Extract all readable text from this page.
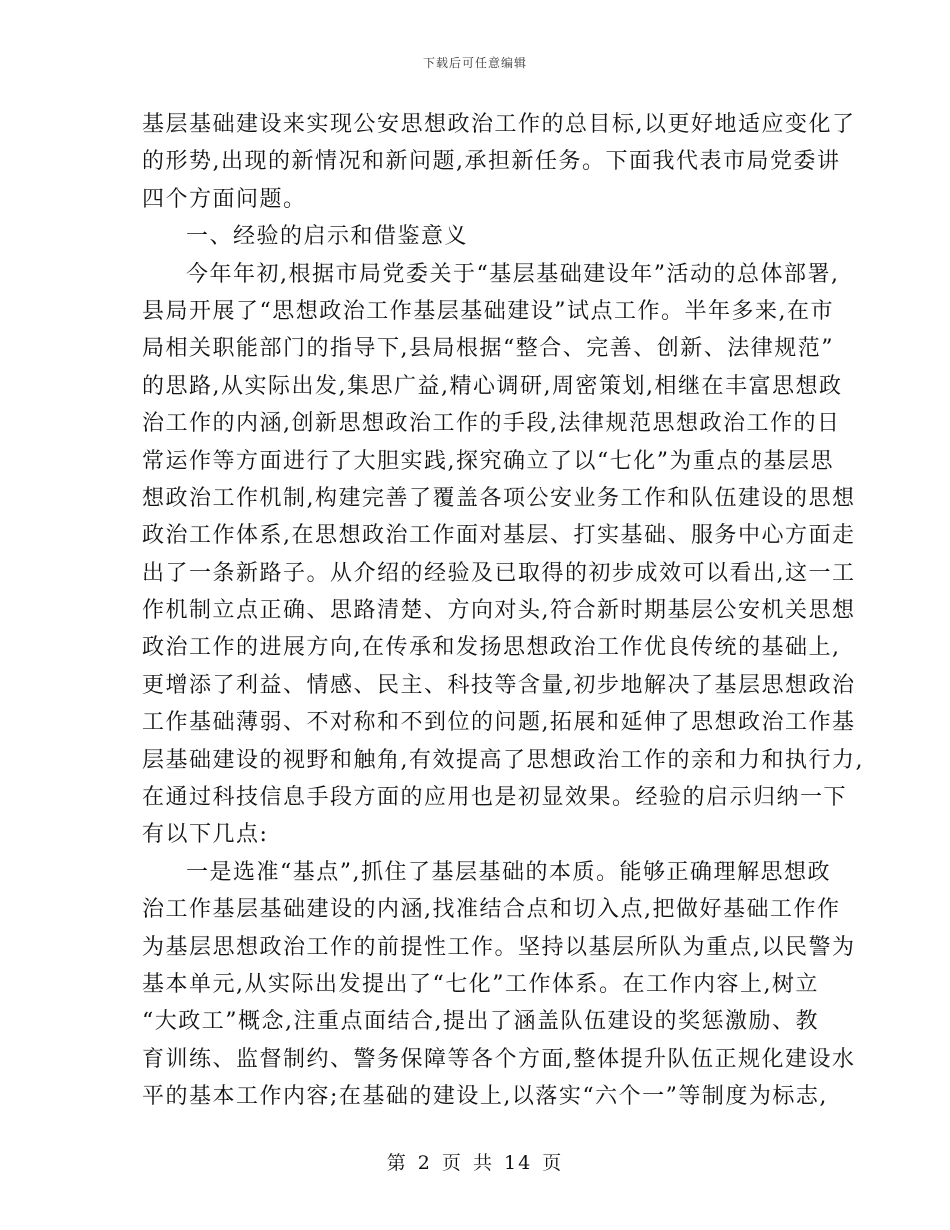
下载后可任意编辑
基层基础建设来实现公安思想政治工作的总目标,以更好地适应变化了
的形势,出现的新情况和新问题,承担新任务。下面我代表市局党委讲
四个方面问题。
一、经验的启示和借鉴意义
今年年初,根据市局党委关于“基层基础建设年”活动的总体部署,
县局开展了“思想政治工作基层基础建设”试点工作。半年多来,在市
局相关职能部门的指导下,县局根据“整合、完善、创新、法律规范”
的思路,从实际出发,集思广益,精心调研,周密策划,相继在丰富思想政
治工作的内涵,创新思想政治工作的手段,法律规范思想政治工作的日
常运作等方面进行了大胆实践,探究确立了以“七化”为重点的基层思
想政治工作机制,构建完善了覆盖各项公安业务工作和队伍建设的思想
政治工作体系,在思想政治工作面对基层、打实基础、服务中心方面走
出了一条新路子。从介绍的经验及已取得的初步成效可以看出,这一工
作机制立点正确、思路清楚、方向对头,符合新时期基层公安机关思想
政治工作的进展方向,在传承和发扬思想政治工作优良传统的基础上,
更增添了利益、情感、民主、科技等含量,初步地解决了基层思想政治
工作基础薄弱、不对称和不到位的问题,拓展和延伸了思想政治工作基
层基础建设的视野和触角,有效提高了思想政治工作的亲和力和执行力,
在通过科技信息手段方面的应用也是初显效果。经验的启示归纳一下
有以下几点:
一是选准“基点”,抓住了基层基础的本质。能够正确理解思想政
治工作基层基础建设的内涵,找准结合点和切入点,把做好基础工作作
为基层思想政治工作的前提性工作。坚持以基层所队为重点,以民警为
基本单元,从实际出发提出了“七化”工作体系。在工作内容上,树立
“大政工”概念,注重点面结合,提出了涵盖队伍建设的奖惩激励、教
育训练、监督制约、警务保障等各个方面,整体提升队伍正规化建设水
平的基本工作内容;在基础的建设上,以落实“六个一”等制度为标志,
第 2 页 共 14 页
